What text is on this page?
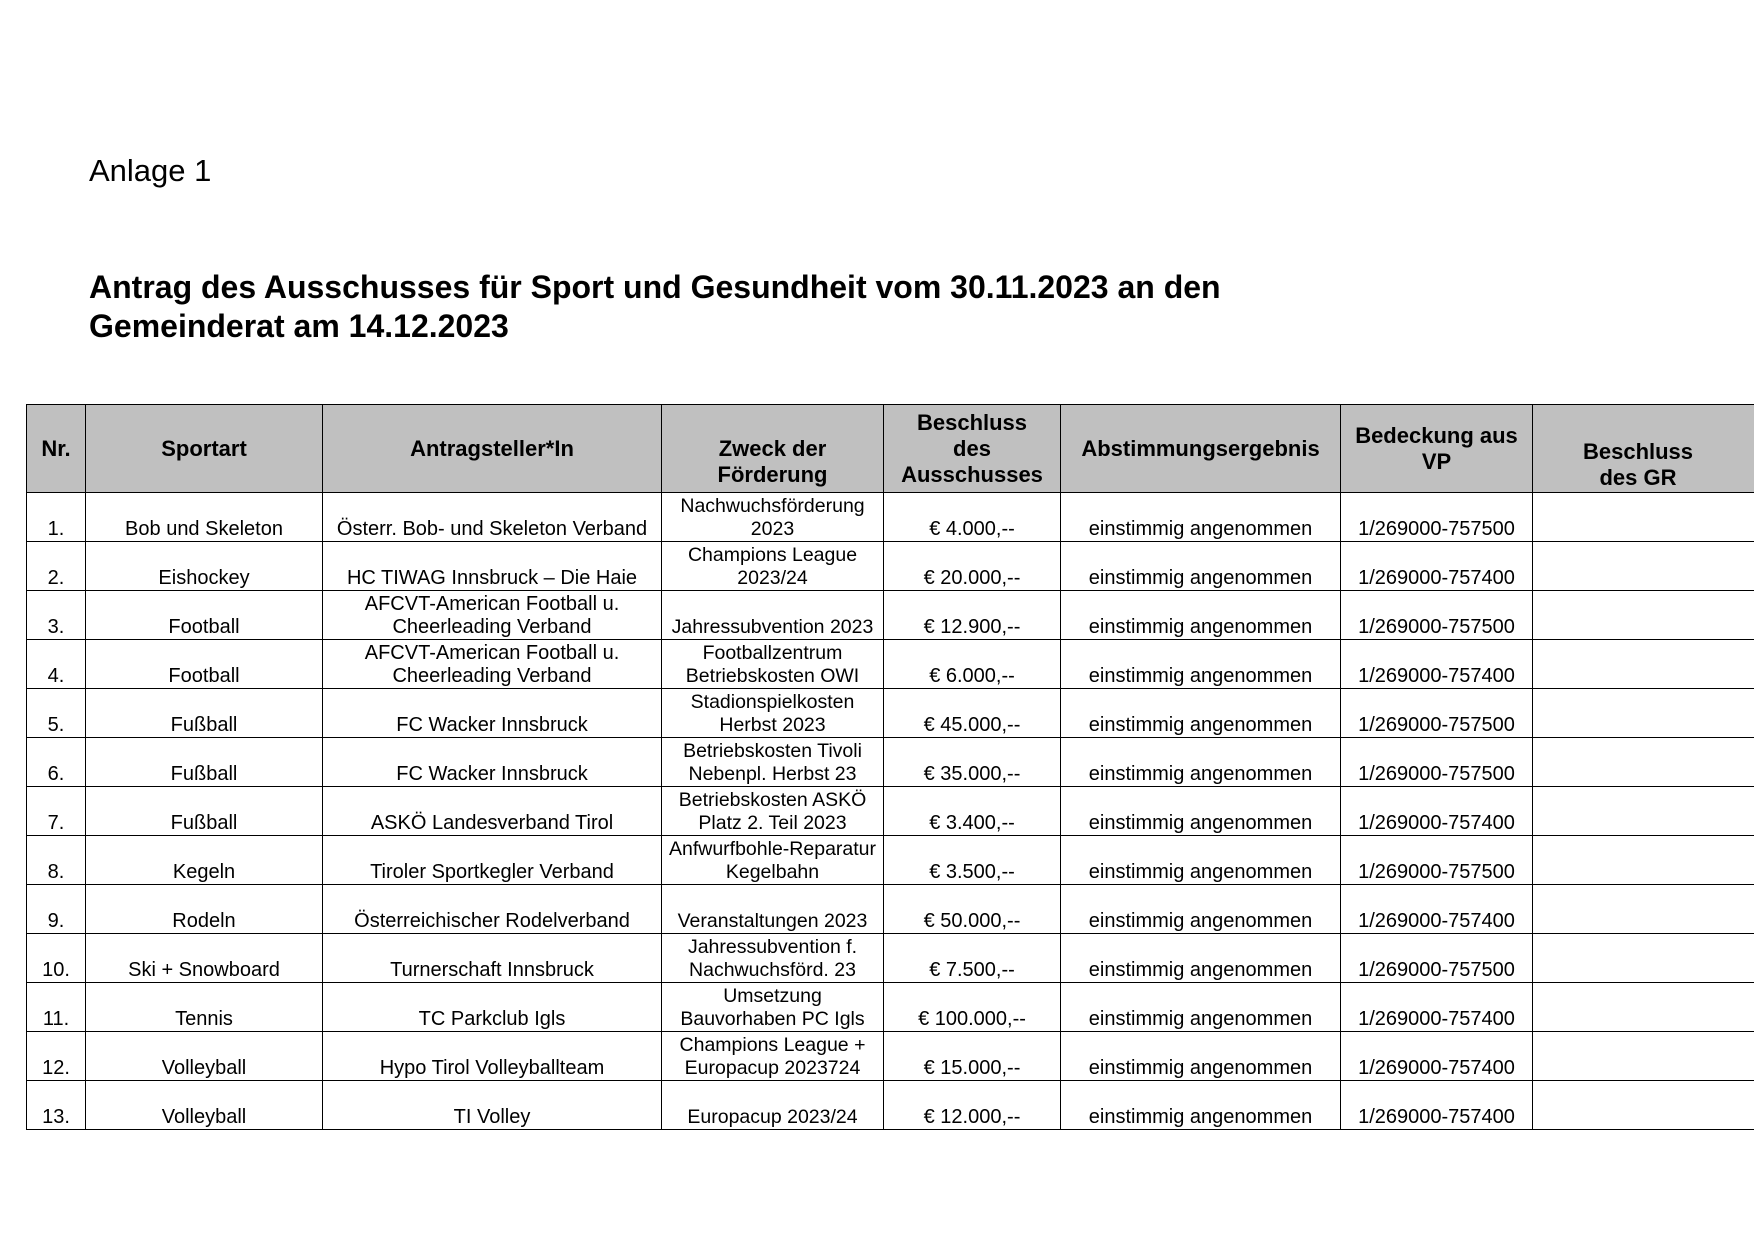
Anlage 1
Antrag des Ausschusses für Sport und Gesundheit vom 30.11.2023 an den
Gemeinderat am 14.12.2023
Nr.	Sportart	Antragsteller*In	Zweck der Förderung	Beschluss des Ausschusses	Abstimmungsergebnis	Bedeckung aus VP	Beschluss des GR
1.	Bob und Skeleton	Österr. Bob- und Skeleton Verband	Nachwuchsförderung 2023	€ 4.000,--	einstimmig angenommen	1/269000-757500	
2.	Eishockey	HC TIWAG Innsbruck – Die Haie	Champions League 2023/24	€ 20.000,--	einstimmig angenommen	1/269000-757400	
3.	Football	AFCVT-American Football u. Cheerleading Verband	Jahressubvention 2023	€ 12.900,--	einstimmig angenommen	1/269000-757500	
4.	Football	AFCVT-American Football u. Cheerleading Verband	Footballzentrum Betriebskosten OWI	€ 6.000,--	einstimmig angenommen	1/269000-757400	
5.	Fußball	FC Wacker Innsbruck	Stadionspielkosten Herbst 2023	€ 45.000,--	einstimmig angenommen	1/269000-757500	
6.	Fußball	FC Wacker Innsbruck	Betriebskosten Tivoli Nebenpl. Herbst 23	€ 35.000,--	einstimmig angenommen	1/269000-757500	
7.	Fußball	ASKÖ Landesverband Tirol	Betriebskosten ASKÖ Platz 2. Teil 2023	€ 3.400,--	einstimmig angenommen	1/269000-757400	
8.	Kegeln	Tiroler Sportkegler Verband	Anfwurfbohle-Reparatur Kegelbahn	€ 3.500,--	einstimmig angenommen	1/269000-757500	
9.	Rodeln	Österreichischer Rodelverband	Veranstaltungen 2023	€ 50.000,--	einstimmig angenommen	1/269000-757400	
10.	Ski + Snowboard	Turnerschaft Innsbruck	Jahressubvention f. Nachwuchsförd. 23	€ 7.500,--	einstimmig angenommen	1/269000-757500	
11.	Tennis	TC Parkclub Igls	Umsetzung Bauvorhaben PC Igls	€ 100.000,--	einstimmig angenommen	1/269000-757400	
12.	Volleyball	Hypo Tirol Volleyballteam	Champions League + Europacup 2023724	€ 15.000,--	einstimmig angenommen	1/269000-757400	
13.	Volleyball	TI Volley	Europacup 2023/24	€ 12.000,--	einstimmig angenommen	1/269000-757400	
